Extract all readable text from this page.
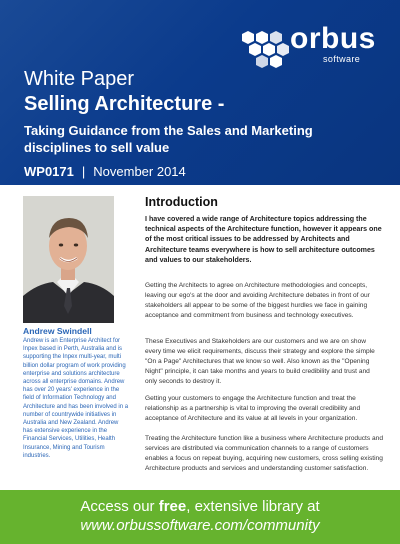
orbus
software
White Paper
Selling Architecture -
Taking Guidance from the Sales and Marketing disciplines to sell value
WP0171 | November 2014
Andrew Swindell
Andrew is an Enterprise Architect for Inpex based in Perth, Australia and is supporting the Inpex multi-year, multi billion dollar program of work providing enterprise and solutions architecture across all enterprise domains. Andrew has over 20 years' experience in the field of Information Technology and Architecture and has been involved in a number of countrywide initiatives in Australia and New Zealand. Andrew has extensive experience in the Financial Services, Utilities, Health Insurance, Mining and Tourism industries.
Introduction
I have covered a wide range of Architecture topics addressing the technical aspects of the Architecture function, however it appears one of the most critical issues to be addressed by Architects and Architecture teams everywhere is how to sell architecture outcomes and values to our stakeholders.
Getting the Architects to agree on Architecture methodologies and concepts, leaving our ego's at the door and avoiding Architecture debates in front of our stakeholders all appear to be some of the biggest hurdles we face in gaining acceptance and commitment from business and technology executives.
These Executives and Stakeholders are our customers and we are on show every time we elicit requirements, discuss their strategy and explore the simple "On a Page" Architectures that we know so well. Also known as the "Opening Night" principle, it can take months and years to build credibility and trust and only seconds to destroy it.
Getting your customers to engage the Architecture function and treat the relationship as a partnership is vital to improving the overall credibility and acceptance of Architecture and its value at all levels in your organization.
Treating the Architecture function like a business where Architecture products and services are distributed via communication channels to a range of customers enables a focus on repeat buying, acquiring new customers, cross selling existing Architecture products and services and understanding customer satisfaction.
Access our free, extensive library at
www.orbussoftware.com/community
